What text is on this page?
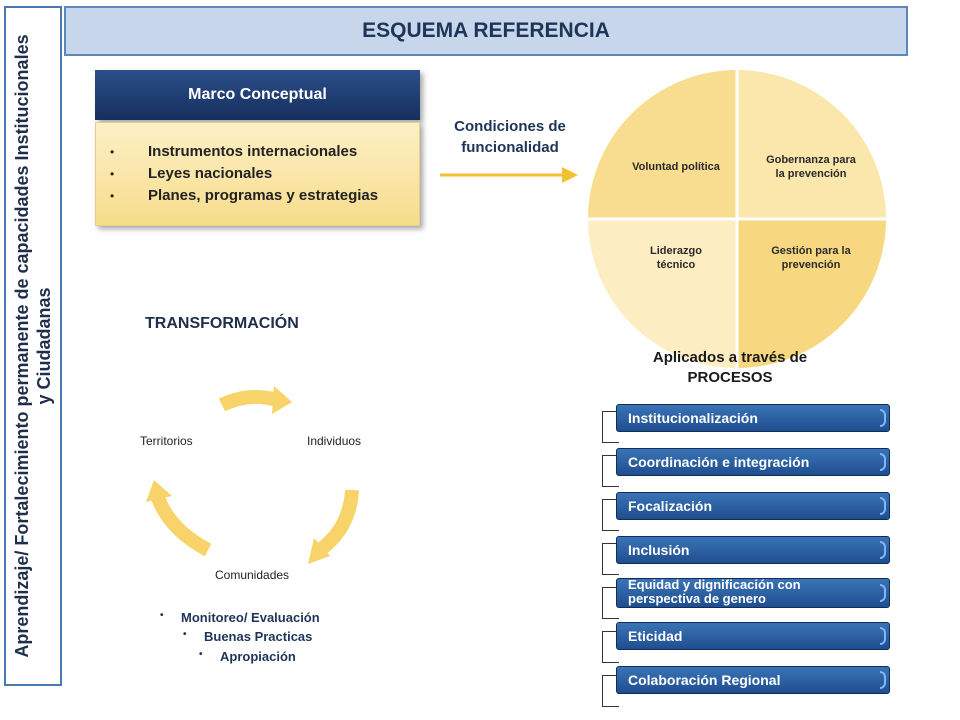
Aprendizaje/ Fortalecimiento permanente de capacidades Institucionales y Ciudadanas
ESQUEMA REFERENCIA
Marco Conceptual
• Instrumentos internacionales
• Leyes nacionales
• Planes, programas y estrategias
Condiciones de
funcionalidad
Voluntad política
Gobernanza para
la prevención
Liderazgo
técnico
Gestión para la
prevención
Aplicados a través de
PROCESOS
Institucionalización
Coordinación e integración
Focalización
Inclusión
Equidad y dignificación con perspectiva de genero
Eticidad
Colaboración Regional
TRANSFORMACIÓN
Territorios	Individuos
Comunidades
• Monitoreo/ Evaluación
• Buenas Practicas
• Apropiación
